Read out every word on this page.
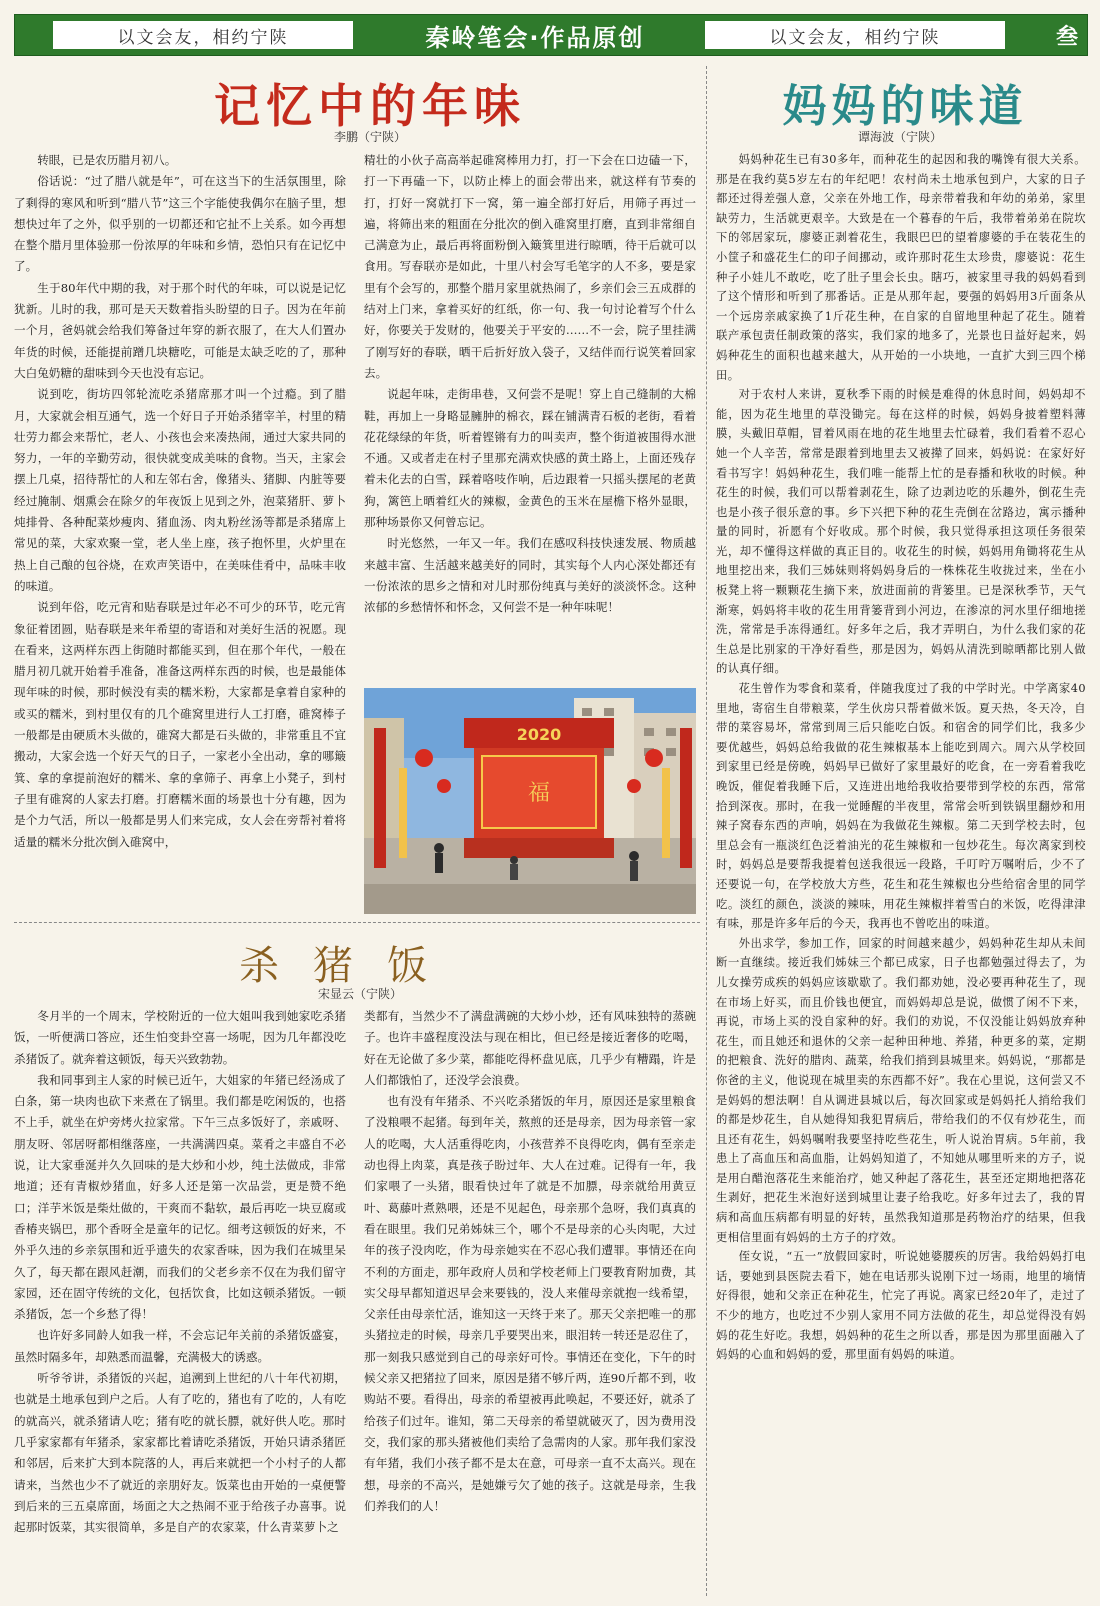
以文会友，相约宁陕	秦岭笔会·作品原创	以文会友，相约宁陕	叁
记忆中的年味
李鹏（宁陕）

转眼，已是农历腊月初八。

俗话说：“过了腊八就是年”，可在这当下的生活氛围里，除了剩得的寒风和听到“腊八节”这三个字能使我偶尔在脑子里，想想快过年了之外，似乎别的一切都还和它扯不上关系。如今再想在整个腊月里体验那一份浓厚的年味和乡情，恐怕只有在记忆中了。

生于80年代中期的我，对于那个时代的年味，可以说是记忆犹新。儿时的我，那可是天天数着指头盼望的日子。因为在年前一个月，爸妈就会给我们筹备过年穿的新衣服了，在大人们置办年货的时候，还能提前蹭几块糖吃，可能是太缺乏吃的了，那种大白兔奶糖的甜味到今天也没有忘记。

说到吃，街坊四邻轮流吃杀猪席那才叫一个过瘾。到了腊月，大家就会相互通气，选一个好日子开始杀猪宰羊，村里的精壮劳力都会来帮忙，老人、小孩也会来凑热闹，通过大家共同的努力，一年的辛勤劳动，很快就变成美味的食物。当天，主家会摆上几桌，招待帮忙的人和左邻右舍，像猪头、猪脚、内脏等要经过腌制、烟熏会在除夕的年夜饭上见到之外，泡菜猪肝、萝卜炖排骨、各种配菜炒瘦肉、猪血汤、肉丸粉丝汤等都是杀猪席上常见的菜，大家欢聚一堂，老人坐上座，孩子抱怀里，火炉里在热上自己酿的包谷烧，在欢声笑语中，在美味佳肴中，品味丰收的味道。

说到年俗，吃元宵和贴春联是过年必不可少的环节，吃元宵象征着团圆，贴春联是来年希望的寄语和对美好生活的祝愿。现在看来，这两样东西上街随时都能买到，但在那个年代，一般在腊月初几就开始着手准备，准备这两样东西的时候，也是最能体现年味的时候，那时候没有卖的糯米粉，大家都是拿着自家种的或买的糯米，到村里仅有的几个碓窝里进行人工打磨，碓窝棒子一般都是由硬质木头做的，碓窝大都是石头做的，非常重且不宜搬动，大家会选一个好天气的日子，一家老小全出动，拿的哪簸箕、拿的拿提前泡好的糯米、拿的拿筛子、再拿上小凳子，到村子里有碓窝的人家去打磨。打磨糯米面的场景也十分有趣，因为是个力气活，所以一般都是男人们来完成，女人会在旁帮衬着将适量的糯米分批次倒入碓窝中，

精壮的小伙子高高举起碓窝棒用力打，打一下会在口边磕一下，打一下再磕一下，以防止棒上的面会带出来，就这样有节奏的打，打好一窝就打下一窝，第一遍全部打好后，用筛子再过一遍，将筛出来的粗面在分批次的倒入碓窝里打磨，直到非常细自己满意为止，最后再将面粉倒入簸箕里进行晾晒，待干后就可以食用。写春联亦是如此，十里八村会写毛笔字的人不多，要是家里有个会写的，那整个腊月家里就热闹了，乡亲们会三五成群的结对上门来，拿着买好的红纸，你一句、我一句讨论着写个什么好，你要关于发财的，他要关于平安的……不一会，院子里挂满了刚写好的春联，晒干后折好放入袋子，又结伴而行说笑着回家去。

说起年味，走街串巷，又何尝不是呢！穿上自己缝制的大棉鞋，再加上一身略显臃肿的棉衣，踩在铺满青石板的老街，看着花花绿绿的年货，听着铿锵有力的叫卖声，整个街道被围得水泄不通。又或者走在村子里那充满欢快感的黄土路上，上面还残存着未化去的白雪，踩着咯吱作响，后边跟着一只摇头摆尾的老黄狗，篱笆上晒着红火的辣椒，金黄色的玉米在屋檐下格外显眼，那种场景你又何曾忘记。

时光悠然，一年又一年。我们在感叹科技快速发展、物质越来越丰富、生活越来越美好的同时，其实每个人内心深处都还有一份浓浓的思乡之情和对儿时那份纯真与美好的淡淡怀念。这种浓郁的乡愁情怀和怀念，又何尝不是一种年味呢！

2020
福
杀猪饭
宋显云（宁陕）

冬月半的一个周末，学校附近的一位大姐叫我到她家吃杀猪饭，一听便满口答应，还生怕变卦空喜一场呢，因为几年都没吃杀猪饭了。就奔着这顿饭，每天兴致勃勃。

我和同事到主人家的时候已近午，大姐家的年猪已经汤成了白条，第一块肉也砍下来煮在了锅里。我们都是吃闲饭的，也搭不上手，就坐在炉旁烤火拉家常。下午三点多饭好了，亲戚呀、朋友呀、邻居呀都相继落座，一共满满四桌。菜肴之丰盛自不必说，让大家垂涎并久久回味的是大炒和小炒，纯土法做成，非常地道；还有青椒炒猪血，好多人还是第一次品尝，更是赞不绝口；洋芋米饭是柴灶做的，干爽而不黏软，最后再吃一块豆腐或香椿夹锅巴，那个香呀全是童年的记忆。细考这顿饭的好来，不外乎久违的乡亲氛围和近乎遗失的农家香味，因为我们在城里呆久了，每天都在跟风赶潮，而我们的父老乡亲不仅在为我们留守家园，还在固守传统的文化，包括饮食，比如这顿杀猪饭。一顿杀猪饭，怎一个乡愁了得！

也许好多同龄人如我一样，不会忘记年关前的杀猪饭盛宴，虽然时隔多年，却熟悉而温馨，充满极大的诱惑。

听爷爷讲，杀猪饭的兴起，追溯到上世纪的八十年代初期，也就是土地承包到户之后。人有了吃的，猪也有了吃的，人有吃的就高兴，就杀猪请人吃；猪有吃的就长膘，就好供人吃。那时几乎家家都有年猪杀，家家都比着请吃杀猪饭，开始只请杀猪匠和邻居，后来扩大到本院落的人，再后来就把一个小村子的人都请来，当然也少不了就近的亲朋好友。饭菜也由开始的一桌便警到后来的三五桌席面，场面之大之热闹不亚于给孩子办喜事。说起那时饭菜，其实很简单，多是自产的农家菜，什么青菜萝卜之

类都有，当然少不了满盘满碗的大炒小炒，还有风味独特的蒸碗子。也许丰盛程度没法与现在相比，但已经是接近奢侈的吃喝，好在无论做了多少菜，都能吃得杯盘见底，几乎少有糟蹋，许是人们都饿怕了，还没学会浪费。

也有没有年猪杀、不兴吃杀猪饭的年月，原因还是家里粮食了没粮喂不起猪。每到年关，熬煎的还是母亲，因为母亲管一家人的吃喝，大人活重得吃肉，小孩营养不良得吃肉，偶有至亲走动也得上肉菜，真是孩子盼过年、大人在过难。记得有一年，我们家喂了一头猪，眼看快过年了就是不加膘，母亲就给用黄豆叶、葛藤叶煮熟喂，还是不见起色，母亲那个急呀，我们真真的看在眼里。我们兄弟姊妹三个，哪个不是母亲的心头肉呢，大过年的孩子没肉吃，作为母亲她实在不忍心我们遭罪。事情还在向不利的方面走，那年政府人员和学校老师上门要教育附加费，其实父母早都知道迟早会来要钱的，没人来催母亲就抱一线希望，父亲任由母亲忙活，谁知这一天终于来了。那天父亲把唯一的那头猪拉走的时候，母亲几乎要哭出来，眼泪转一转还是忍住了，那一刻我只感觉到自己的母亲好可怜。事情还在变化，下午的时候父亲又把猪拉了回来，原因是猪不够斤两，连90斤都不到，收购站不要。看得出，母亲的希望被再此唤起，不要还好，就杀了给孩子们过年。谁知，第二天母亲的希望就破灭了，因为费用没交，我们家的那头猪被他们卖给了急需肉的人家。那年我们家没有年猪，我们小孩子都不是太在意，可母亲一直不太高兴。现在想，母亲的不高兴，是她嫌亏欠了她的孩子。这就是母亲，生我们养我们的人！

妈妈的味道
谭海波（宁陕）

妈妈种花生已有30多年，而种花生的起因和我的嘴馋有很大关系。那是在我约莫5岁左右的年纪吧！农村尚未土地承包到户，大家的日子都还过得差强人意，父亲在外地工作，母亲带着我和年幼的弟弟，家里缺劳力，生活就更艰辛。大致是在一个暮春的午后，我带着弟弟在院坎下的邻居家玩，廖婆正剥着花生，我眼巴巴的望着廖婆的手在装花生的小筐子和盛花生仁的印子间挪动，或许那时花生太珍贵，廖婆说：花生种子小娃儿不敢吃，吃了肚子里会长虫。瞎巧，被家里寻我的妈妈看到了这个情形和听到了那番话。正是从那年起，要强的妈妈用3斤面条从一个远房亲戚家换了1斤花生种，在自家的自留地里种起了花生。随着联产承包责任制政策的落实，我们家的地多了，光景也日益好起来，妈妈种花生的面积也越来越大，从开始的一小块地，一直扩大到三四个梯田。

对于农村人来讲，夏秋季下雨的时候是难得的休息时间，妈妈却不能，因为花生地里的草没锄完。每在这样的时候，妈妈身披着塑料薄膜，头戴旧草帽，冒着风雨在地的花生地里去忙碌着，我们看着不忍心她一个人辛苦，常常是跟着到地里去又被撵了回来，妈妈说：在家好好看书写字！妈妈种花生，我们唯一能帮上忙的是春播和秋收的时候。种花生的时候，我们可以帮着剥花生，除了边剥边吃的乐趣外，倒花生壳也是小孩子很乐意的事。乡下兴把下种的花生壳倒在岔路边，寓示播种量的同时，祈愿有个好收成。那个时候，我只觉得承担这项任务很荣光，却不懂得这样做的真正目的。收花生的时候，妈妈用角锄将花生从地里挖出来，我们三姊妹则将妈妈身后的一株株花生收拢过来，坐在小板凳上将一颗颗花生摘下来，放进面前的背篓里。已是深秋季节，天气渐寒，妈妈将丰收的花生用背篓背到小河边，在渗凉的河水里仔细地搓洗，常常是手冻得通红。好多年之后，我才弄明白，为什么我们家的花生总是比别家的干净好看些，那是因为，妈妈从清洗到晾晒都比别人做的认真仔细。

花生曾作为零食和菜肴，伴随我度过了我的中学时光。中学离家40里地，寄宿生自带粮菜，学生伙房只帮着做米饭。夏天热，冬天冷，自带的菜容易坏，常常到周三后只能吃白饭。和宿舍的同学们比，我多少要优越些，妈妈总给我做的花生辣椒基本上能吃到周六。周六从学校回到家里已经是傍晚，妈妈早已做好了家里最好的吃食，在一旁看着我吃晚饭，催促着我睡下后，又连进出地给我收拾要带到学校的东西，常常拾到深夜。那时，在我一觉睡醒的半夜里，常常会听到铁锅里翻炒和用辣子窝春东西的声响，妈妈在为我做花生辣椒。第二天到学校去时，包里总会有一瓶淡红色泛着油光的花生辣椒和一包炒花生。每次离家到校时，妈妈总是要帮我提着包送我很远一段路，千叮咛万嘱咐后，少不了还要说一句，在学校放大方些，花生和花生辣椒也分些给宿舍里的同学吃。淡红的颜色，淡淡的辣味，用花生辣椒拌着雪白的米饭，吃得津津有味，那是许多年后的今天，我再也不曾吃出的味道。

外出求学，参加工作，回家的时间越来越少，妈妈种花生却从未间断一直继续。接近我们姊妹三个都已成家，日子也都勉强过得去了，为儿女操劳成疾的妈妈应该歇歇了。我们都劝她，没必要再种花生了，现在市场上好买，而且价钱也便宜，而妈妈却总是说，做惯了闲不下来，再说，市场上买的没自家种的好。我们的劝说，不仅没能让妈妈放弃种花生，而且她还和退休的父亲一起种田种地、养猪，种更多的菜，定期的把粮食、洗好的腊肉、蔬菜，给我们捎到县城里来。妈妈说，“那都是你爸的主义，他说现在城里卖的东西都不好”。我在心里说，这何尝又不是妈妈的想法啊！自从调进县城以后，每次回家或是妈妈托人捎给我们的都是炒花生，自从她得知我犯胃病后，带给我们的不仅有炒花生，而且还有花生，妈妈嘱咐我要坚持吃些花生，听人说治胃病。5年前，我患上了高血压和高血脂，让妈妈知道了，不知她从哪里听来的方子，说是用白醋泡落花生来能治疗，她又种起了落花生，甚至还定期地把落花生剥好，把花生米泡好送到城里让妻子给我吃。好多年过去了，我的胃病和高血压病都有明显的好转，虽然我知道那是药物治疗的结果，但我更相信里面有妈妈的土方子的疗效。

侄女说，“五一”放假回家时，听说她婆腰疾的厉害。我给妈妈打电话，要她到县医院去看下，她在电话那头说刚下过一场雨，地里的墒情好得很，她和父亲正在种花生，忙完了再说。离家已经20年了，走过了不少的地方，也吃过不少别人家用不同方法做的花生，却总觉得没有妈妈的花生好吃。我想，妈妈种的花生之所以香，那是因为那里面融入了妈妈的心血和妈妈的爱，那里面有妈妈的味道。
